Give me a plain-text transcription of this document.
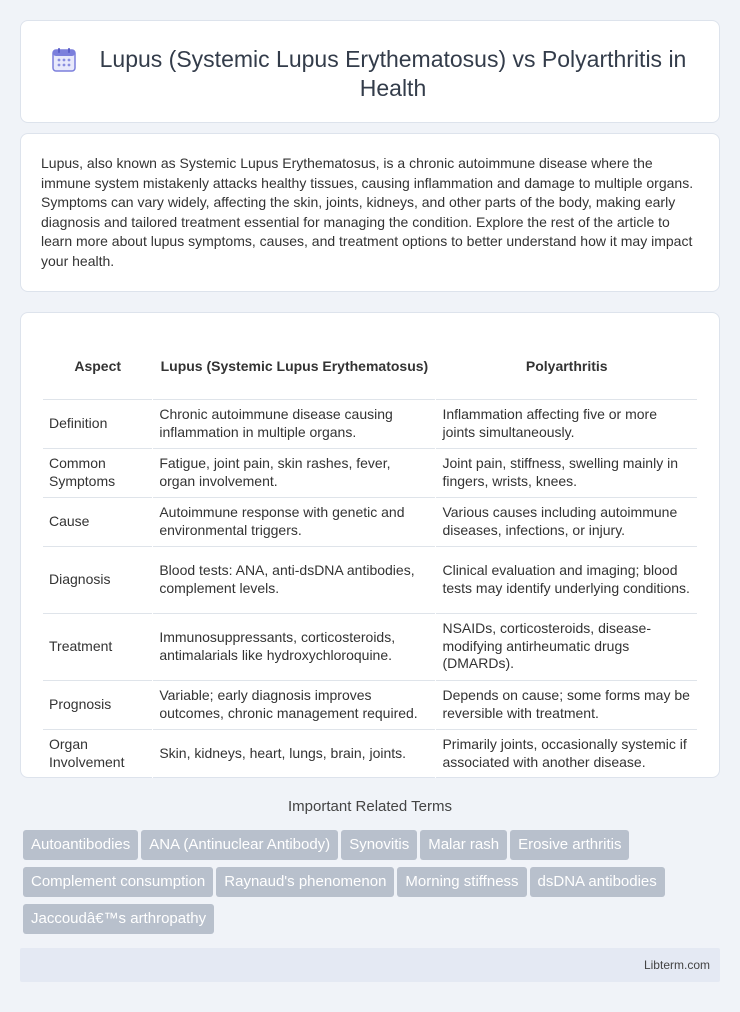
Lupus (Systemic Lupus Erythematosus) vs Polyarthritis in Health

Lupus, also known as Systemic Lupus Erythematosus, is a chronic autoimmune disease where the immune system mistakenly attacks healthy tissues, causing inflammation and damage to multiple organs. Symptoms can vary widely, affecting the skin, joints, kidneys, and other parts of the body, making early diagnosis and tailored treatment essential for managing the condition. Explore the rest of the article to learn more about lupus symptoms, causes, and treatment options to better understand how it may impact your health.

Aspect	Lupus (Systemic Lupus Erythematosus)	Polyarthritis
Definition	Chronic autoimmune disease causing inflammation in multiple organs.	Inflammation affecting five or more joints simultaneously.
Common Symptoms	Fatigue, joint pain, skin rashes, fever, organ involvement.	Joint pain, stiffness, swelling mainly in fingers, wrists, knees.
Cause	Autoimmune response with genetic and environmental triggers.	Various causes including autoimmune diseases, infections, or injury.
Diagnosis	Blood tests: ANA, anti-dsDNA antibodies, complement levels.	Clinical evaluation and imaging; blood tests may identify underlying conditions.
Treatment	Immunosuppressants, corticosteroids, antimalarials like hydroxychloroquine.	NSAIDs, corticosteroids, disease-modifying antirheumatic drugs (DMARDs).
Prognosis	Variable; early diagnosis improves outcomes, chronic management required.	Depends on cause; some forms may be reversible with treatment.
Organ Involvement	Skin, kidneys, heart, lungs, brain, joints.	Primarily joints, occasionally systemic if associated with another disease.
Important Related Terms
Autoantibodies ANA (Antinuclear Antibody) Synovitis Malar rash Erosive arthritisComplement consumption Raynaud's phenomenon Morning stiffness dsDNA antibodiesJaccoudâ€™s arthropathy
Libterm.com
